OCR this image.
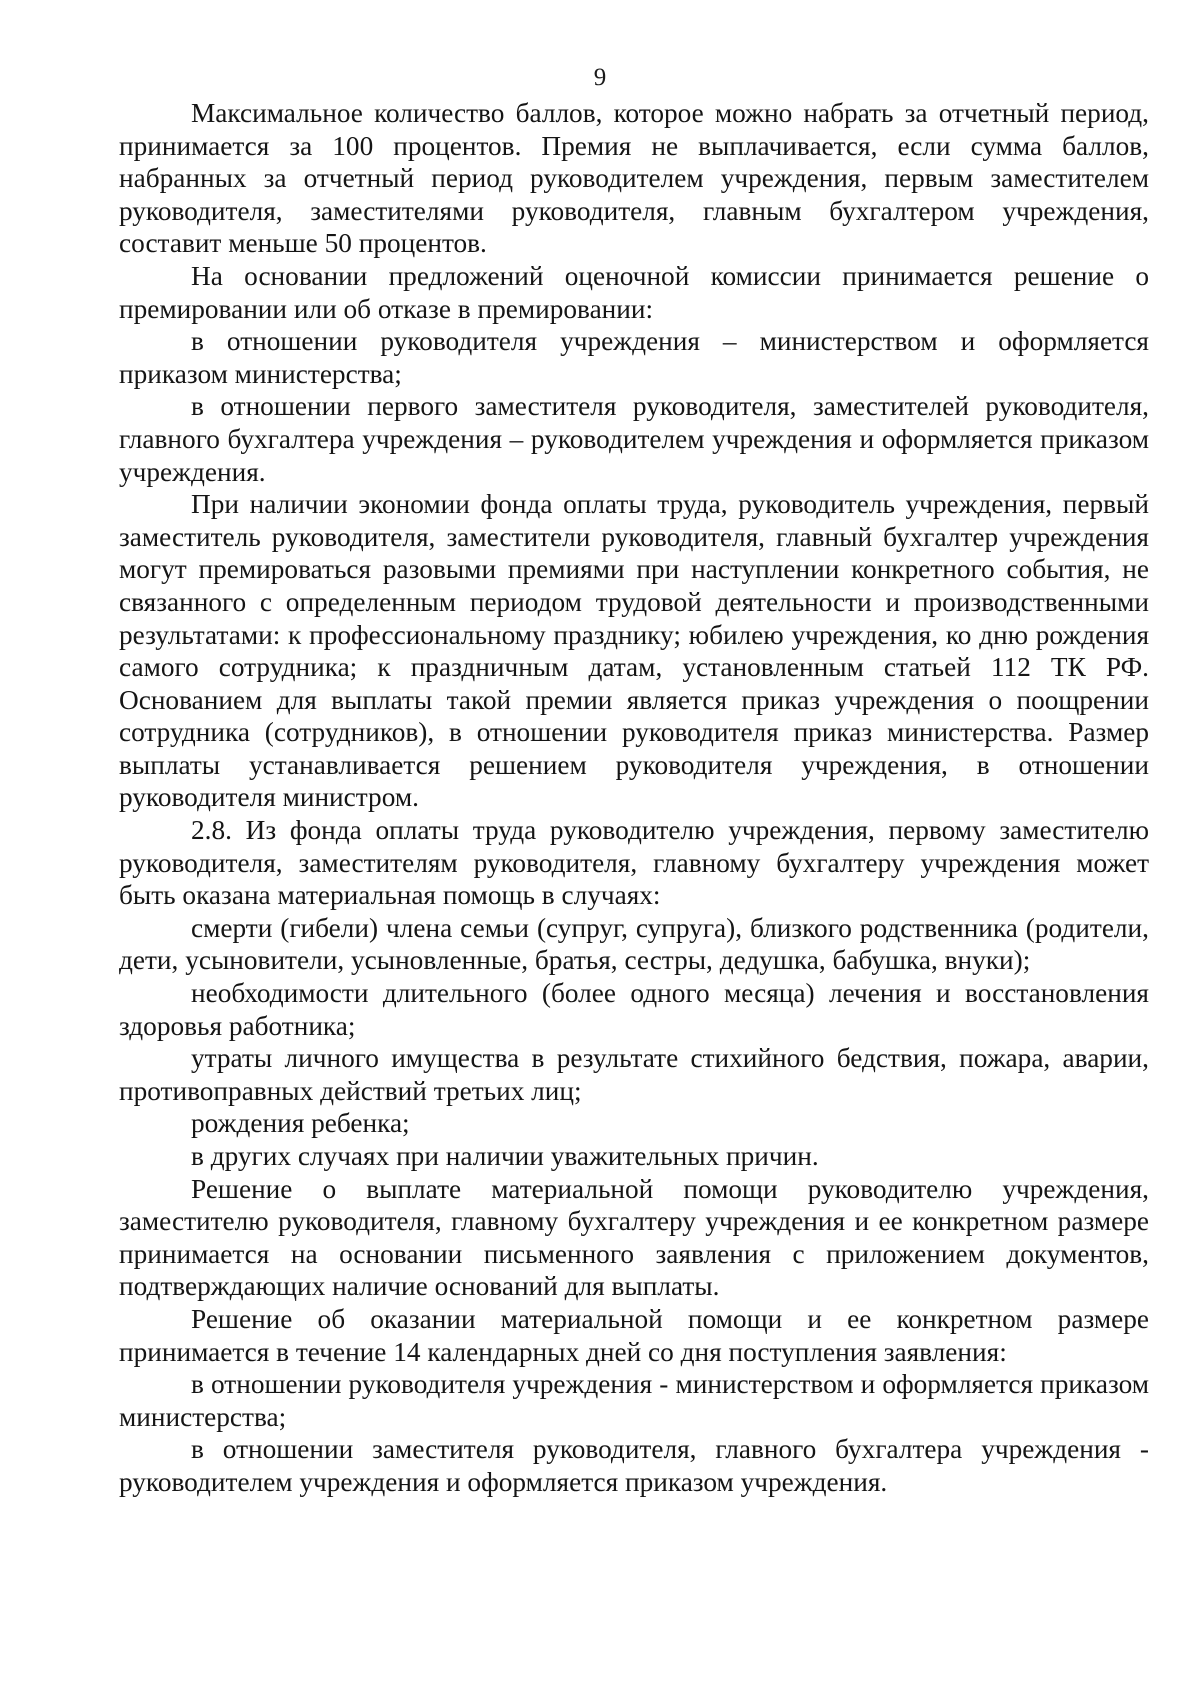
9

Максимальное количество баллов, которое можно набрать за отчетный период, принимается за 100 процентов. Премия не выплачивается, если сумма баллов, набранных за отчетный период руководителем учреждения, первым заместителем руководителя, заместителями руководителя, главным бухгалтером учреждения, составит меньше 50 процентов.

На основании предложений оценочной комиссии принимается решение о премировании или об отказе в премировании:

в отношении руководителя учреждения – министерством и оформляется приказом министерства;

в отношении первого заместителя руководителя, заместителей руководителя, главного бухгалтера учреждения – руководителем учреждения и оформляется приказом учреждения.

При наличии экономии фонда оплаты труда, руководитель учреждения, первый заместитель руководителя, заместители руководителя, главный бухгалтер учреждения могут премироваться разовыми премиями при наступлении конкретного события, не связанного с определенным периодом трудовой деятельности и производственными результатами: к профессиональному празднику; юбилею учреждения, ко дню рождения самого сотрудника; к праздничным датам, установленным статьей 112 ТК РФ. Основанием для выплаты такой премии является приказ учреждения о поощрении сотрудника (сотрудников), в отношении руководителя приказ министерства. Размер выплаты устанавливается решением руководителя учреждения, в отношении руководителя министром.

2.8. Из фонда оплаты труда руководителю учреждения, первому заместителю руководителя, заместителям руководителя, главному бухгалтеру учреждения может быть оказана материальная помощь в случаях:

смерти (гибели) члена семьи (супруг, супруга), близкого родственника (родители, дети, усыновители, усыновленные, братья, сестры, дедушка, бабушка, внуки);

необходимости длительного (более одного месяца) лечения и восстановления здоровья работника;

утраты личного имущества в результате стихийного бедствия, пожара, аварии, противоправных действий третьих лиц;

рождения ребенка;

в других случаях при наличии уважительных причин.

Решение о выплате материальной помощи руководителю учреждения, заместителю руководителя, главному бухгалтеру учреждения и ее конкретном размере принимается на основании письменного заявления с приложением документов, подтверждающих наличие оснований для выплаты.

Решение об оказании материальной помощи и ее конкретном размере принимается в течение 14 календарных дней со дня поступления заявления:

в отношении руководителя учреждения - министерством и оформляется приказом министерства;

в отношении заместителя руководителя, главного бухгалтера учреждения - руководителем учреждения и оформляется приказом учреждения.
